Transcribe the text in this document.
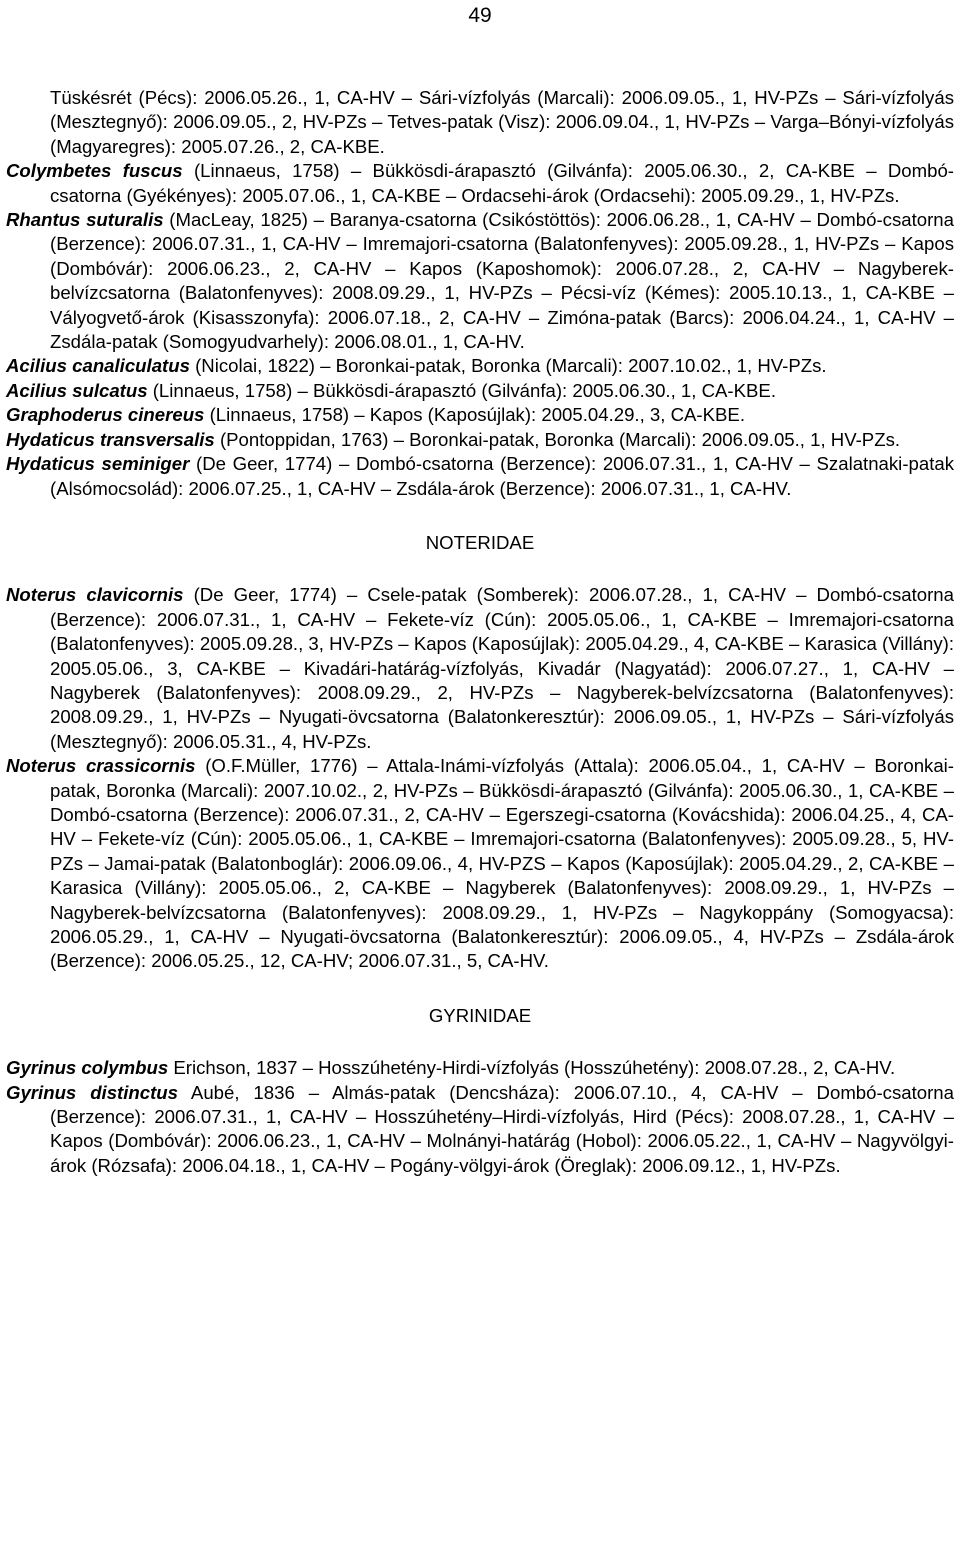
49

Tüskésrét (Pécs): 2006.05.26., 1, CA-HV – Sári-vízfolyás (Marcali): 2006.09.05., 1, HV-PZs – Sári-vízfolyás (Mesztegnyő): 2006.09.05., 2, HV-PZs – Tetves-patak (Visz): 2006.09.04., 1, HV-PZs – Varga–Bónyi-vízfolyás (Magyaregres): 2005.07.26., 2, CA-KBE.

Colymbetes fuscus (Linnaeus, 1758) – Bükkösdi-árapasztó (Gilvánfa): 2005.06.30., 2, CA-KBE – Dombó-csatorna (Gyékényes): 2005.07.06., 1, CA-KBE – Ordacsehi-árok (Ordacsehi): 2005.09.29., 1, HV-PZs.

Rhantus suturalis (MacLeay, 1825) – Baranya-csatorna (Csikóstöttös): 2006.06.28., 1, CA-HV – Dombó-csatorna (Berzence): 2006.07.31., 1, CA-HV – Imremajori-csatorna (Balatonfenyves): 2005.09.28., 1, HV-PZs – Kapos (Dombóvár): 2006.06.23., 2, CA-HV – Kapos (Kaposhomok): 2006.07.28., 2, CA-HV – Nagyberek-belvízcsatorna (Balatonfenyves): 2008.09.29., 1, HV-PZs – Pécsi-víz (Kémes): 2005.10.13., 1, CA-KBE – Vályogvető-árok (Kisasszonyfa): 2006.07.18., 2, CA-HV – Zimóna-patak (Barcs): 2006.04.24., 1, CA-HV – Zsdála-patak (Somogyudvarhely): 2006.08.01., 1, CA-HV.

Acilius canaliculatus (Nicolai, 1822) – Boronkai-patak, Boronka (Marcali): 2007.10.02., 1, HV-PZs.

Acilius sulcatus (Linnaeus, 1758) – Bükkösdi-árapasztó (Gilvánfa): 2005.06.30., 1, CA-KBE.

Graphoderus cinereus (Linnaeus, 1758) – Kapos (Kaposújlak): 2005.04.29., 3, CA-KBE.

Hydaticus transversalis (Pontoppidan, 1763) – Boronkai-patak, Boronka (Marcali): 2006.09.05., 1, HV-PZs.

Hydaticus seminiger (De Geer, 1774) – Dombó-csatorna (Berzence): 2006.07.31., 1, CA-HV – Szalatnaki-patak (Alsómocsolád): 2006.07.25., 1, CA-HV – Zsdála-árok (Berzence): 2006.07.31., 1, CA-HV.

NOTERIDAE

Noterus clavicornis (De Geer, 1774) – Csele-patak (Somberek): 2006.07.28., 1, CA-HV – Dombó-csatorna (Berzence): 2006.07.31., 1, CA-HV – Fekete-víz (Cún): 2005.05.06., 1, CA-KBE – Imremajori-csatorna (Balatonfenyves): 2005.09.28., 3, HV-PZs – Kapos (Kaposújlak): 2005.04.29., 4, CA-KBE – Karasica (Villány): 2005.05.06., 3, CA-KBE – Kivadári-határág-vízfolyás, Kivadár (Nagyatád): 2006.07.27., 1, CA-HV – Nagyberek (Balatonfenyves): 2008.09.29., 2, HV-PZs – Nagyberek-belvízcsatorna (Balatonfenyves): 2008.09.29., 1, HV-PZs – Nyugati-övcsatorna (Balatonkeresztúr): 2006.09.05., 1, HV-PZs – Sári-vízfolyás (Mesztegnyő): 2006.05.31., 4, HV-PZs.

Noterus crassicornis (O.F.Müller, 1776) – Attala-Inámi-vízfolyás (Attala): 2006.05.04., 1, CA-HV – Boronkai-patak, Boronka (Marcali): 2007.10.02., 2, HV-PZs – Bükkösdi-árapasztó (Gilvánfa): 2005.06.30., 1, CA-KBE – Dombó-csatorna (Berzence): 2006.07.31., 2, CA-HV – Egerszegi-csatorna (Kovácshida): 2006.04.25., 4, CA-HV – Fekete-víz (Cún): 2005.05.06., 1, CA-KBE – Imremajori-csatorna (Balatonfenyves): 2005.09.28., 5, HV-PZs – Jamai-patak (Balatonboglár): 2006.09.06., 4, HV-PZS – Kapos (Kaposújlak): 2005.04.29., 2, CA-KBE – Karasica (Villány): 2005.05.06., 2, CA-KBE – Nagyberek (Balatonfenyves): 2008.09.29., 1, HV-PZs – Nagyberek-belvízcsatorna (Balatonfenyves): 2008.09.29., 1, HV-PZs – Nagykoppány (Somogyacsa): 2006.05.29., 1, CA-HV – Nyugati-övcsatorna (Balatonkeresztúr): 2006.09.05., 4, HV-PZs – Zsdála-árok (Berzence): 2006.05.25., 12, CA-HV; 2006.07.31., 5, CA-HV.

GYRINIDAE

Gyrinus colymbus Erichson, 1837 – Hosszúhetény-Hirdi-vízfolyás (Hosszúhetény): 2008.07.28., 2, CA-HV.

Gyrinus distinctus Aubé, 1836 – Almás-patak (Dencsháza): 2006.07.10., 4, CA-HV – Dombó-csatorna (Berzence): 2006.07.31., 1, CA-HV – Hosszúhetény–Hirdi-vízfolyás, Hird (Pécs): 2008.07.28., 1, CA-HV – Kapos (Dombóvár): 2006.06.23., 1, CA-HV – Molnányi-határág (Hobol): 2006.05.22., 1, CA-HV – Nagyvölgyi-árok (Rózsafa): 2006.04.18., 1, CA-HV – Pogány-völgyi-árok (Öreglak): 2006.09.12., 1, HV-PZs.
